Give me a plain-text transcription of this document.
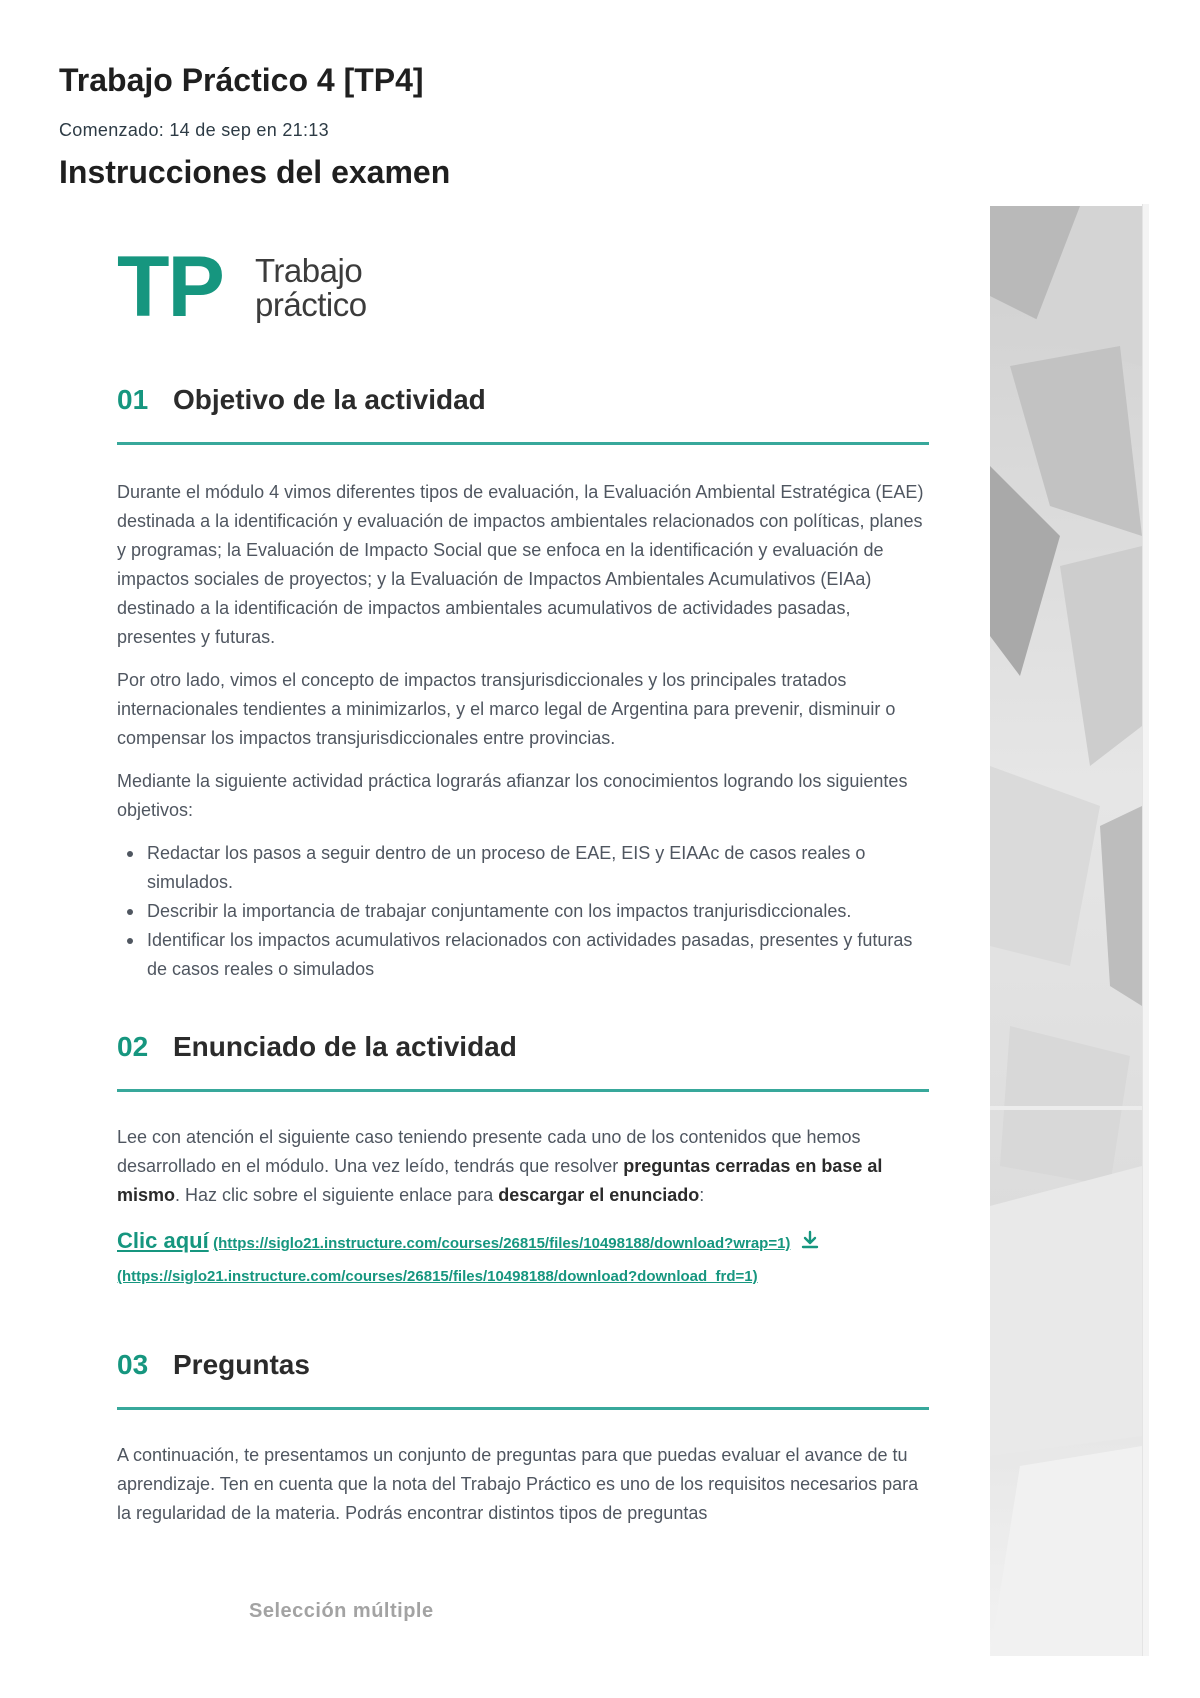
Trabajo Práctico 4 [TP4]
Comenzado: 14 de sep en 21:13
Instrucciones del examen
TP Trabajo
práctico
01 Objetivo de la actividad

Durante el módulo 4 vimos diferentes tipos de evaluación, la Evaluación Ambiental Estratégica (EAE) destinada a la identificación y evaluación de impactos ambientales relacionados con políticas, planes y programas; la Evaluación de Impacto Social que se enfoca en la identificación y evaluación de impactos sociales de proyectos; y la Evaluación de Impactos Ambientales Acumulativos (EIAa) destinado a la identificación de impactos ambientales acumulativos de actividades pasadas, presentes y futuras.

Por otro lado, vimos el concepto de impactos transjurisdiccionales y los principales tratados internacionales tendientes a minimizarlos, y el marco legal de Argentina para prevenir, disminuir o compensar los impactos transjurisdiccionales entre provincias.

Mediante la siguiente actividad práctica lograrás afianzar los conocimientos logrando los siguientes objetivos:

Redactar los pasos a seguir dentro de un proceso de EAE, EIS y EIAAc de casos reales o simulados.
Describir la importancia de trabajar conjuntamente con los impactos tranjurisdiccionales.
Identificar los impactos acumulativos relacionados con actividades pasadas, presentes y futuras de casos reales o simulados
02 Enunciado de la actividad

Lee con atención el siguiente caso teniendo presente cada uno de los contenidos que hemos desarrollado en el módulo. Una vez leído, tendrás que resolver preguntas cerradas en base al mismo. Haz clic sobre el siguiente enlace para descargar el enunciado:

Clic aquí (https://siglo21.instructure.com/courses/26815/files/10498188/download?wrap=1)
(https://siglo21.instructure.com/courses/26815/files/10498188/download?download_frd=1)
03 Preguntas

A continuación, te presentamos un conjunto de preguntas para que puedas evaluar el avance de tu aprendizaje. Ten en cuenta que la nota del Trabajo Práctico es uno de los requisitos necesarios para la regularidad de la materia. Podrás encontrar distintos tipos de preguntas

Selección múltiple
